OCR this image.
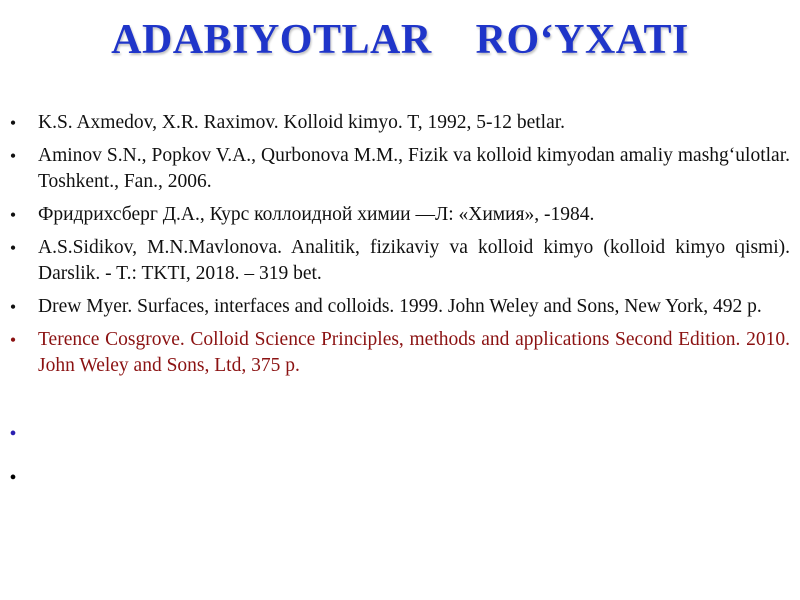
ADABIYOTLAR    RO‘YXATI
• K.S. Axmedov, X.R. Raximov. Kolloid kimyo. T, 1992, 5-12 betlar.
• Aminov S.N., Popkov V.A., Qurbonova M.M., Fizik va kolloid kimyodan amaliy mashg‘ulotlar. Toshkent., Fan., 2006.
• Фридрихсберг Д.А., Курс коллоидной химии —Л: «Химия», -1984.
• A.S.Sidikov, M.N.Mavlonova. Analitik, fizikaviy va kolloid kimyo (kolloid kimyo qismi). Darslik. - T.: TKTI, 2018. – 319 bet.
• Drew Myer. Surfaces, interfaces and colloids. 1999. John Weley and Sons, New York, 492 p.
• Terence Cosgrove. Colloid Science Principles, methods and applications Second Edition. 2010. John Weley and Sons, Ltd, 375 p.
•
•
